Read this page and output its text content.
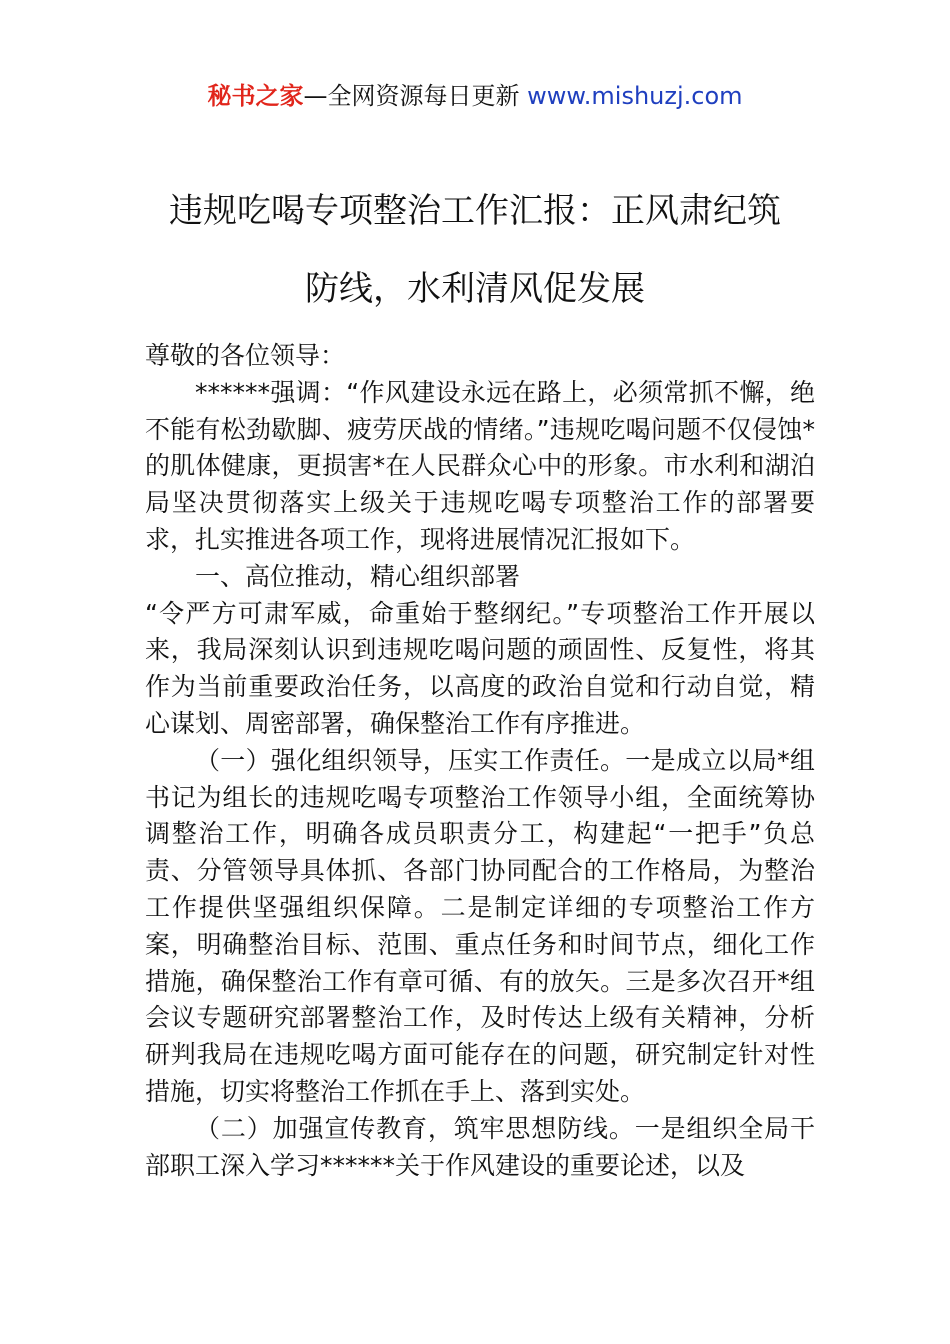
秘书之家—全网资源每日更新 www.mishuzj.com
违规吃喝专项整治工作汇报：正风肃纪筑
防线，水利清风促发展

尊敬的各位领导：

******强调：“作风建设永远在路上，必须常抓不懈，绝不能有松劲歇脚、疲劳厌战的情绪。”违规吃喝问题不仅侵蚀*的肌体健康，更损害*在人民群众心中的形象。市水利和湖泊局坚决贯彻落实上级关于违规吃喝专项整治工作的部署要求，扎实推进各项工作，现将进展情况汇报如下。

一、高位推动，精心组织部署

“令严方可肃军威，命重始于整纲纪。”专项整治工作开展以来，我局深刻认识到违规吃喝问题的顽固性、反复性，将其作为当前重要政治任务，以高度的政治自觉和行动自觉，精心谋划、周密部署，确保整治工作有序推进。

（一）强化组织领导，压实工作责任。一是成立以局*组书记为组长的违规吃喝专项整治工作领导小组，全面统筹协调整治工作，明确各成员职责分工，构建起“一把手”负总责、分管领导具体抓、各部门协同配合的工作格局，为整治工作提供坚强组织保障。二是制定详细的专项整治工作方案，明确整治目标、范围、重点任务和时间节点，细化工作措施，确保整治工作有章可循、有的放矢。三是多次召开*组会议专题研究部署整治工作，及时传达上级有关精神，分析研判我局在违规吃喝方面可能存在的问题，研究制定针对性措施，切实将整治工作抓在手上、落到实处。

（二）加强宣传教育，筑牢思想防线。一是组织全局干部职工深入学习******关于作风建设的重要论述，以及
